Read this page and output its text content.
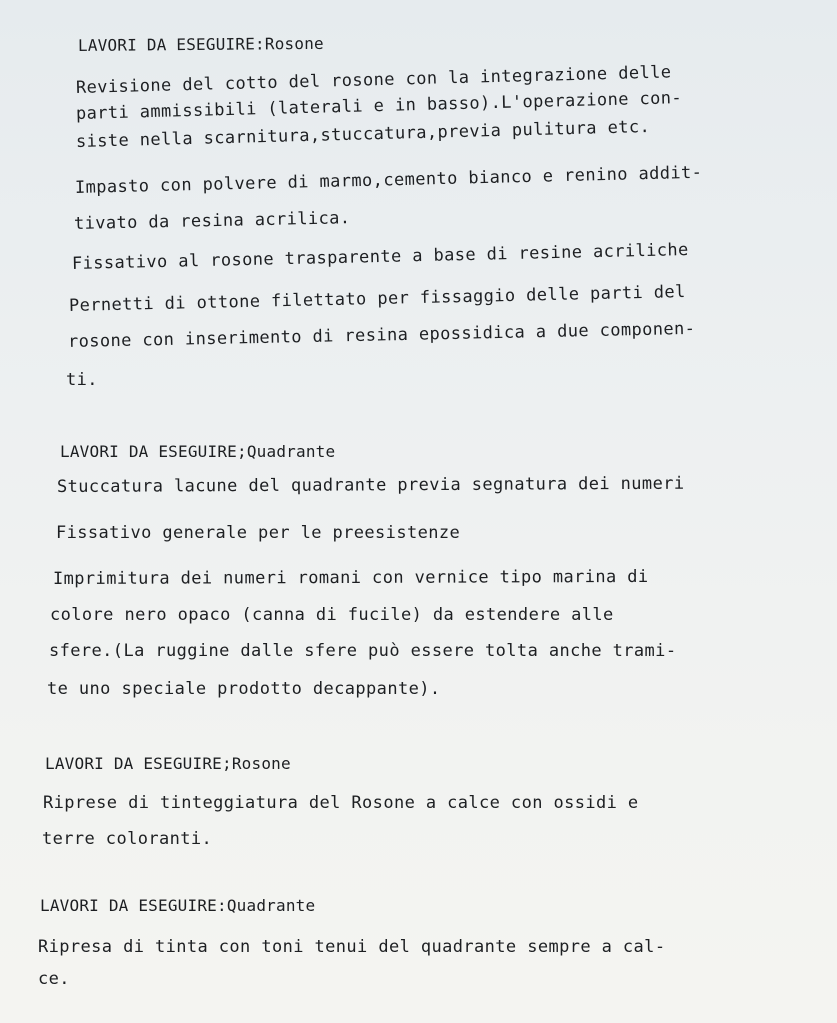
LAVORI DA ESEGUIRE:Rosone
Revisione del cotto del rosone con la integrazione delle
parti ammissibili (laterali e in basso).L'operazione con-
siste nella scarnitura,stuccatura,previa pulitura etc.
Impasto con polvere di marmo,cemento bianco e renino addit-
tivato da resina acrilica.
Fissativo al rosone trasparente a base di resine acriliche
Pernetti di ottone filettato per fissaggio delle parti del
rosone con inserimento di resina epossidica a due componen-
ti.
LAVORI DA ESEGUIRE;Quadrante
Stuccatura lacune del quadrante previa segnatura dei numeri
Fissativo generale per le preesistenze
Imprimitura dei numeri romani con vernice tipo marina di
colore nero opaco (canna di fucile) da estendere alle
sfere.(La ruggine dalle sfere può essere tolta anche trami-
te uno speciale prodotto decappante).
LAVORI DA ESEGUIRE;Rosone
Riprese di tinteggiatura del Rosone a calce con ossidi e
terre coloranti.
LAVORI DA ESEGUIRE:Quadrante
Ripresa di tinta con toni tenui del quadrante sempre a cal-
ce.
